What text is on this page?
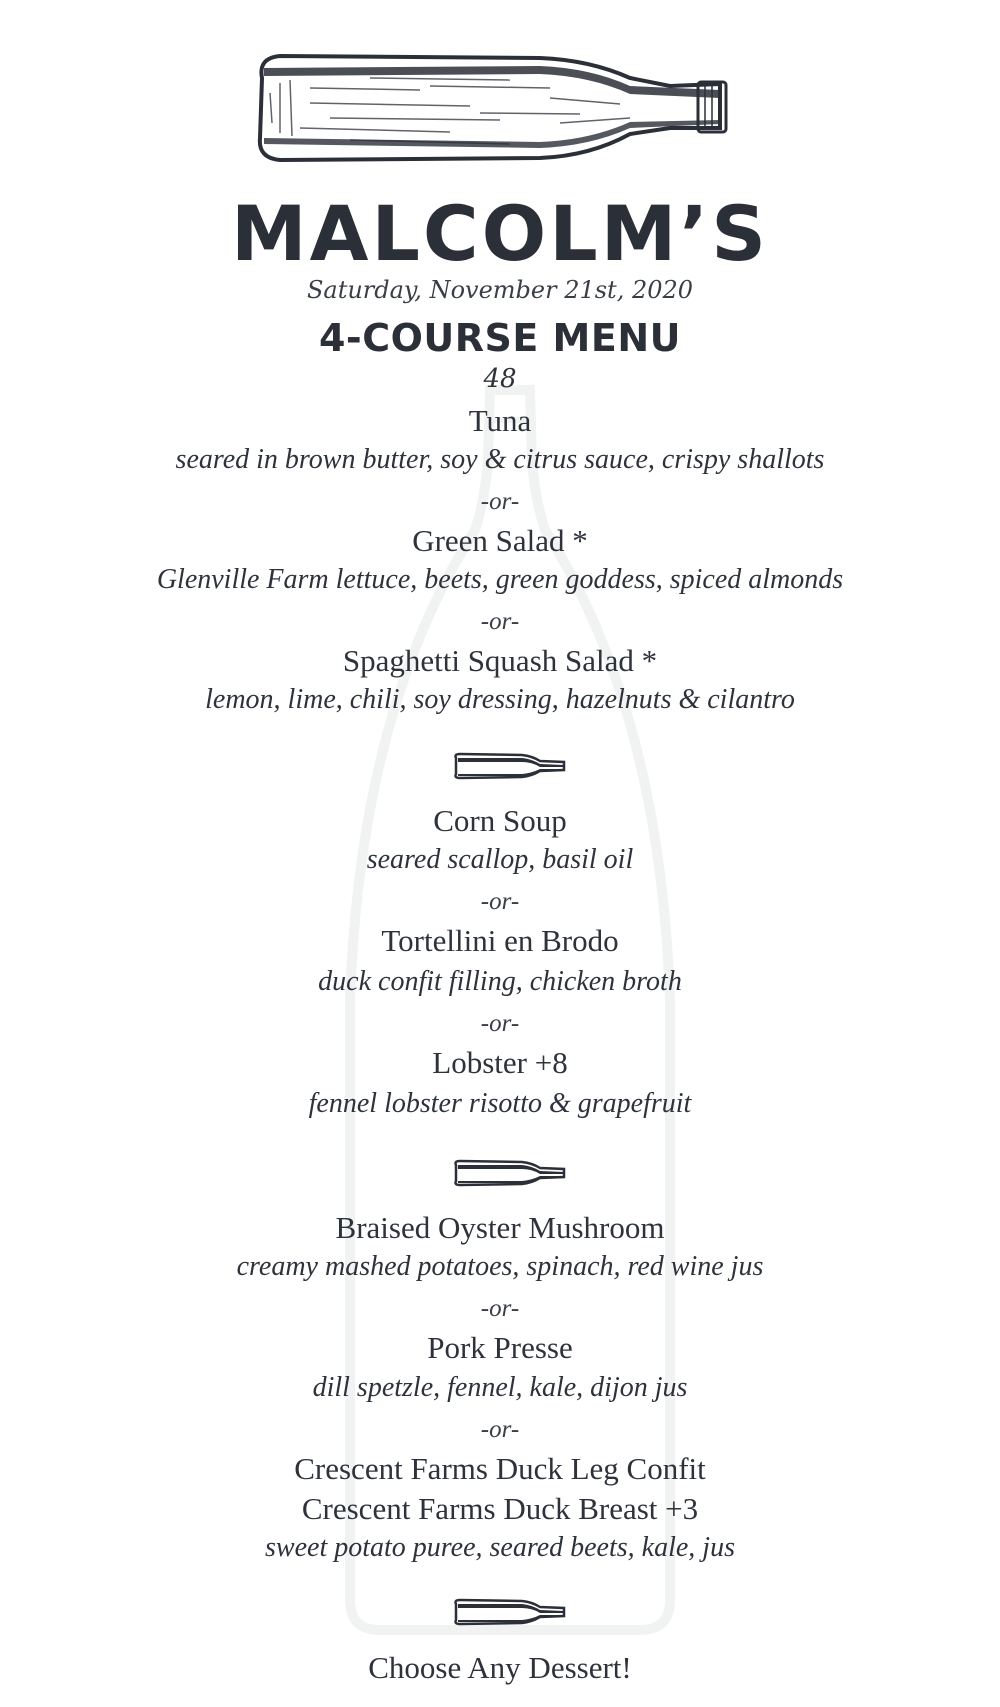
MALCOLM’S
Saturday, November 21st, 2020
4-COURSE MENU
48
Tuna
seared in brown butter, soy & citrus sauce, crispy shallots
-or-
Green Salad *
Glenville Farm lettuce, beets, green goddess, spiced almonds
-or-
Spaghetti Squash Salad *
lemon, lime, chili, soy dressing, hazelnuts & cilantro
Corn Soup
seared scallop, basil oil
-or-
Tortellini en Brodo
duck confit filling, chicken broth
-or-
Lobster +8
fennel lobster risotto & grapefruit
Braised Oyster Mushroom
creamy mashed potatoes, spinach, red wine jus
-or-
Pork Presse
dill spetzle, fennel, kale, dijon jus
-or-
Crescent Farms Duck Leg Confit
Crescent Farms Duck Breast +3
sweet potato puree, seared beets, kale, jus
Choose Any Dessert!
